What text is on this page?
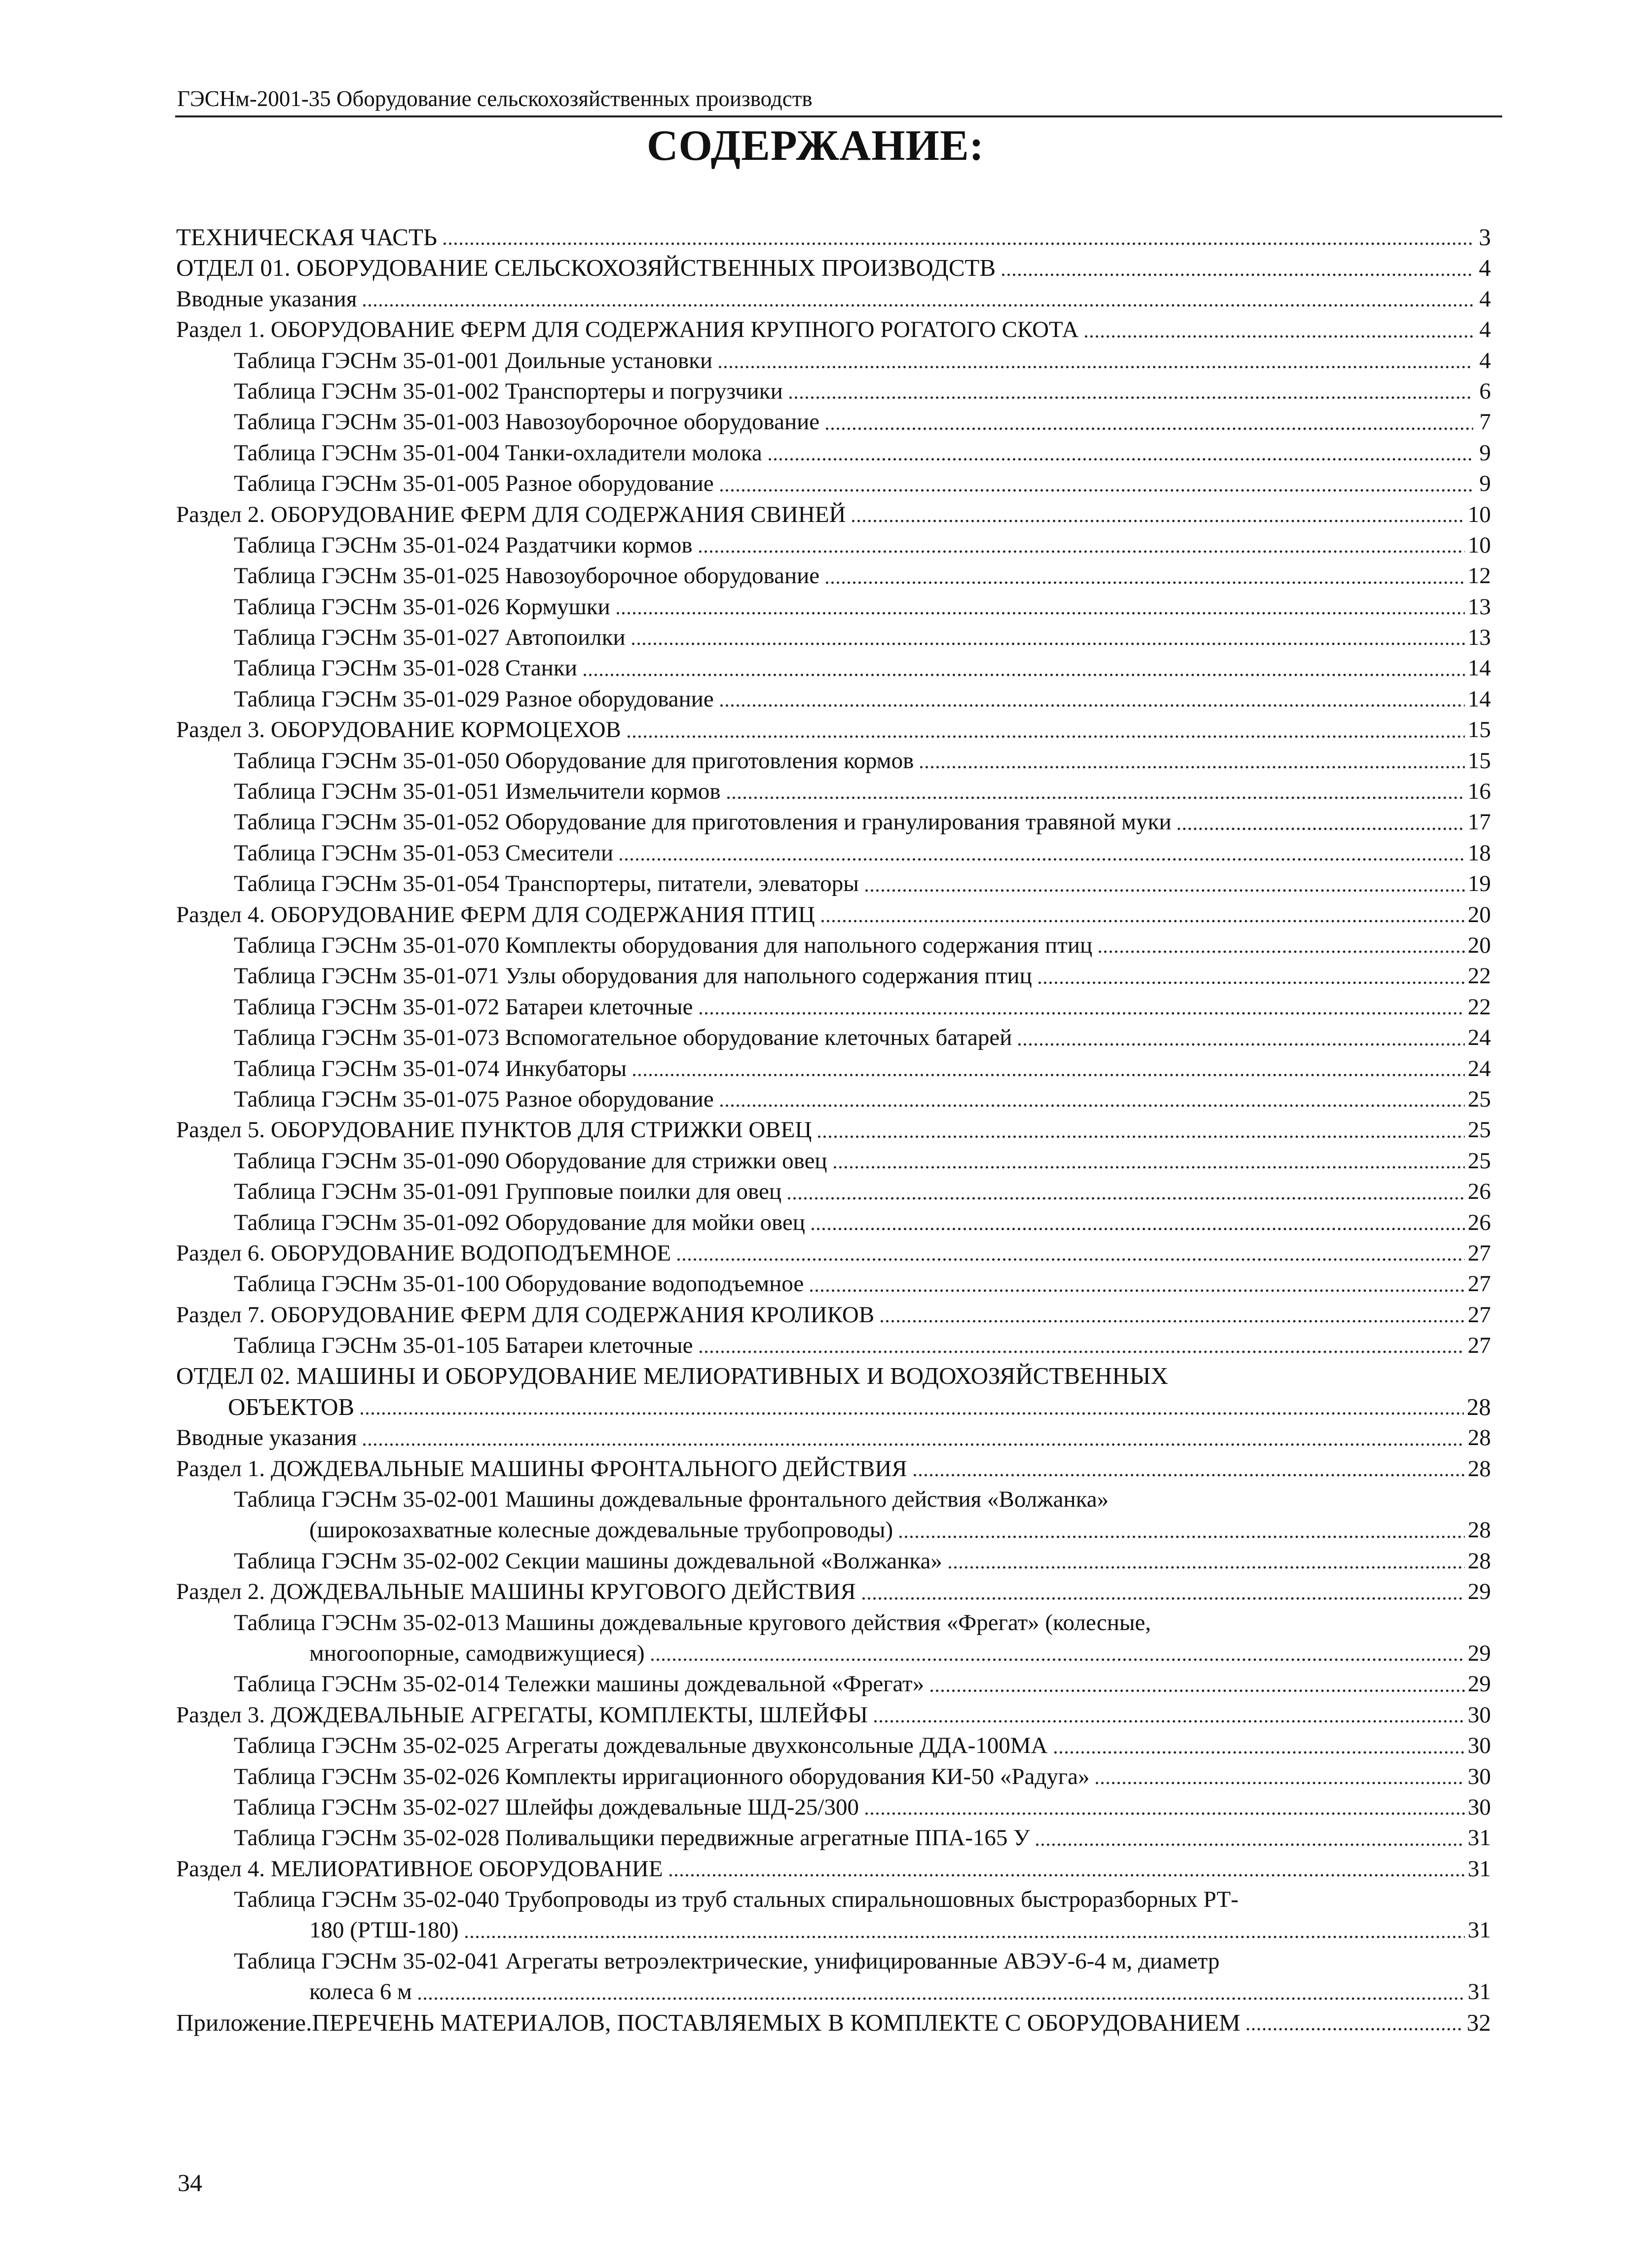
ГЭСНм-2001-35 Оборудование сельскохозяйственных производств
СОДЕРЖАНИЕ:
ТЕХНИЧЕСКАЯ ЧАСТЬ	3
ОТДЕЛ 01. ОБОРУДОВАНИЕ СЕЛЬСКОХОЗЯЙСТВЕННЫХ ПРОИЗВОДСТВ	4
Вводные указания	4
Раздел 1. ОБОРУДОВАНИЕ ФЕРМ ДЛЯ СОДЕРЖАНИЯ КРУПНОГО РОГАТОГО СКОТА	4
Таблица ГЭСНм 35-01-001 Доильные установки	4
Таблица ГЭСНм 35-01-002 Транспортеры и погрузчики	6
Таблица ГЭСНм 35-01-003 Навозоуборочное оборудование	7
Таблица ГЭСНм 35-01-004 Танки-охладители молока	9
Таблица ГЭСНм 35-01-005 Разное оборудование	9
Раздел 2. ОБОРУДОВАНИЕ ФЕРМ ДЛЯ СОДЕРЖАНИЯ СВИНЕЙ	10
Таблица ГЭСНм 35-01-024 Раздатчики кормов	10
Таблица ГЭСНм 35-01-025 Навозоуборочное оборудование	12
Таблица ГЭСНм 35-01-026 Кормушки	13
Таблица ГЭСНм 35-01-027 Автопоилки	13
Таблица ГЭСНм 35-01-028 Станки	14
Таблица ГЭСНм 35-01-029 Разное оборудование	14
Раздел 3. ОБОРУДОВАНИЕ КОРМОЦЕХОВ	15
Таблица ГЭСНм 35-01-050 Оборудование для приготовления кормов	15
Таблица ГЭСНм 35-01-051 Измельчители кормов	16
Таблица ГЭСНм 35-01-052 Оборудование для приготовления и гранулирования травяной муки	17
Таблица ГЭСНм 35-01-053 Смесители	18
Таблица ГЭСНм 35-01-054 Транспортеры, питатели, элеваторы	19
Раздел 4. ОБОРУДОВАНИЕ ФЕРМ ДЛЯ СОДЕРЖАНИЯ ПТИЦ	20
Таблица ГЭСНм 35-01-070 Комплекты оборудования для напольного содержания птиц	20
Таблица ГЭСНм 35-01-071 Узлы оборудования для напольного содержания птиц	22
Таблица ГЭСНм 35-01-072 Батареи клеточные	22
Таблица ГЭСНм 35-01-073 Вспомогательное оборудование клеточных батарей	24
Таблица ГЭСНм 35-01-074 Инкубаторы	24
Таблица ГЭСНм 35-01-075 Разное оборудование	25
Раздел 5. ОБОРУДОВАНИЕ ПУНКТОВ ДЛЯ СТРИЖКИ ОВЕЦ	25
Таблица ГЭСНм 35-01-090 Оборудование для стрижки овец	25
Таблица ГЭСНм 35-01-091 Групповые поилки для овец	26
Таблица ГЭСНм 35-01-092 Оборудование для мойки овец	26
Раздел 6. ОБОРУДОВАНИЕ ВОДОПОДЪЕМНОЕ	27
Таблица ГЭСНм 35-01-100 Оборудование водоподъемное	27
Раздел 7. ОБОРУДОВАНИЕ ФЕРМ ДЛЯ СОДЕРЖАНИЯ КРОЛИКОВ	27
Таблица ГЭСНм 35-01-105 Батареи клеточные	27
ОТДЕЛ 02. МАШИНЫ И ОБОРУДОВАНИЕ МЕЛИОРАТИВНЫХ И ВОДОХОЗЯЙСТВЕННЫХ
ОБЪЕКТОВ	28
Вводные указания	28
Раздел 1. ДОЖДЕВАЛЬНЫЕ МАШИНЫ ФРОНТАЛЬНОГО ДЕЙСТВИЯ	28
Таблица ГЭСНм 35-02-001 Машины дождевальные фронтального действия «Волжанка»
(широкозахватные колесные дождевальные трубопроводы)	28
Таблица ГЭСНм 35-02-002 Секции машины дождевальной «Волжанка»	28
Раздел 2. ДОЖДЕВАЛЬНЫЕ МАШИНЫ КРУГОВОГО ДЕЙСТВИЯ	29
Таблица ГЭСНм 35-02-013 Машины дождевальные кругового действия «Фрегат» (колесные,
многоопорные, самодвижущиеся)	29
Таблица ГЭСНм 35-02-014 Тележки машины дождевальной «Фрегат»	29
Раздел 3. ДОЖДЕВАЛЬНЫЕ АГРЕГАТЫ, КОМПЛЕКТЫ, ШЛЕЙФЫ	30
Таблица ГЭСНм 35-02-025 Агрегаты дождевальные двухконсольные ДДА-100МА	30
Таблица ГЭСНм 35-02-026 Комплекты ирригационного оборудования КИ-50 «Радуга»	30
Таблица ГЭСНм 35-02-027 Шлейфы дождевальные ШД-25/300	30
Таблица ГЭСНм 35-02-028 Поливальщики передвижные агрегатные ППА-165 У	31
Раздел 4. МЕЛИОРАТИВНОЕ ОБОРУДОВАНИЕ	31
Таблица ГЭСНм 35-02-040 Трубопроводы из труб стальных спиральношовных быстроразборных РТ-
180 (РТШ-180)	31
Таблица ГЭСНм 35-02-041 Агрегаты ветроэлектрические, унифицированные АВЭУ-6-4 м, диаметр
колеса 6 м	31
Приложение.ПЕРЕЧЕНЬ МАТЕРИАЛОВ, ПОСТАВЛЯЕМЫХ В КОМПЛЕКТЕ С ОБОРУДОВАНИЕМ	32
34
